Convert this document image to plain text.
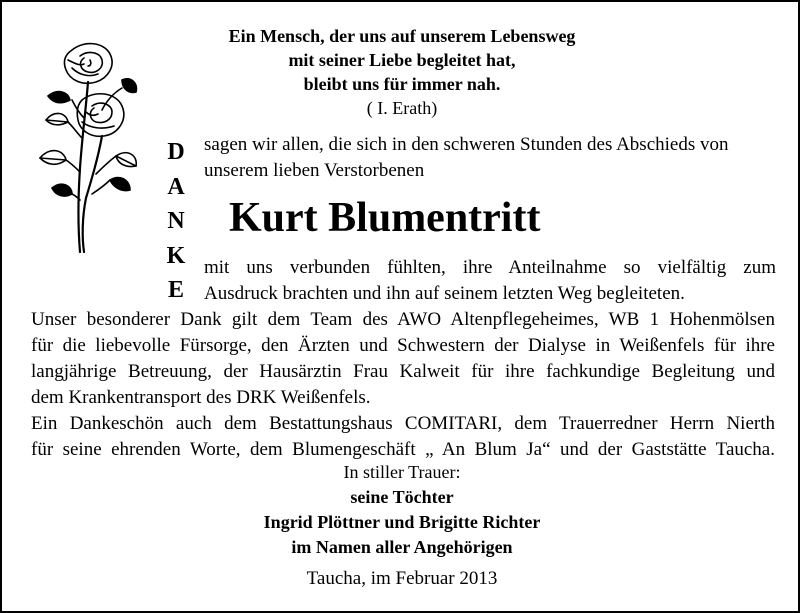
Ein Mensch, der uns auf unserem Lebensweg
mit seiner Liebe begleitet hat,
bleibt uns für immer nah.
( I. Erath)
D
A
N
K
E
sagen wir allen, die sich in den schweren Stunden des Abschieds von
unserem lieben Verstorbenen
Kurt Blumentritt
mit uns verbunden fühlten, ihre Anteilnahme so vielfältig zum
Ausdruck brachten und ihn auf seinem letzten Weg begleiteten.
Unser besonderer Dank gilt dem Team des AWO Altenpflegeheimes, WB 1 Hohenmölsen
für die liebevolle Fürsorge, den Ärzten und Schwestern der Dialyse in Weißenfels für ihre
langjährige Betreuung, der Hausärztin Frau Kalweit für ihre fachkundige Begleitung und
dem Krankentransport des DRK Weißenfels.
Ein Dankeschön auch dem Bestattungshaus COMITARI, dem Trauerredner Herrn Nierth
für seine ehrenden Worte, dem Blumengeschäft „ An Blum Ja“ und der Gaststätte Taucha.
In stiller Trauer:
seine Töchter
Ingrid Plöttner und Brigitte Richter
im Namen aller Angehörigen
Taucha, im Februar 2013
